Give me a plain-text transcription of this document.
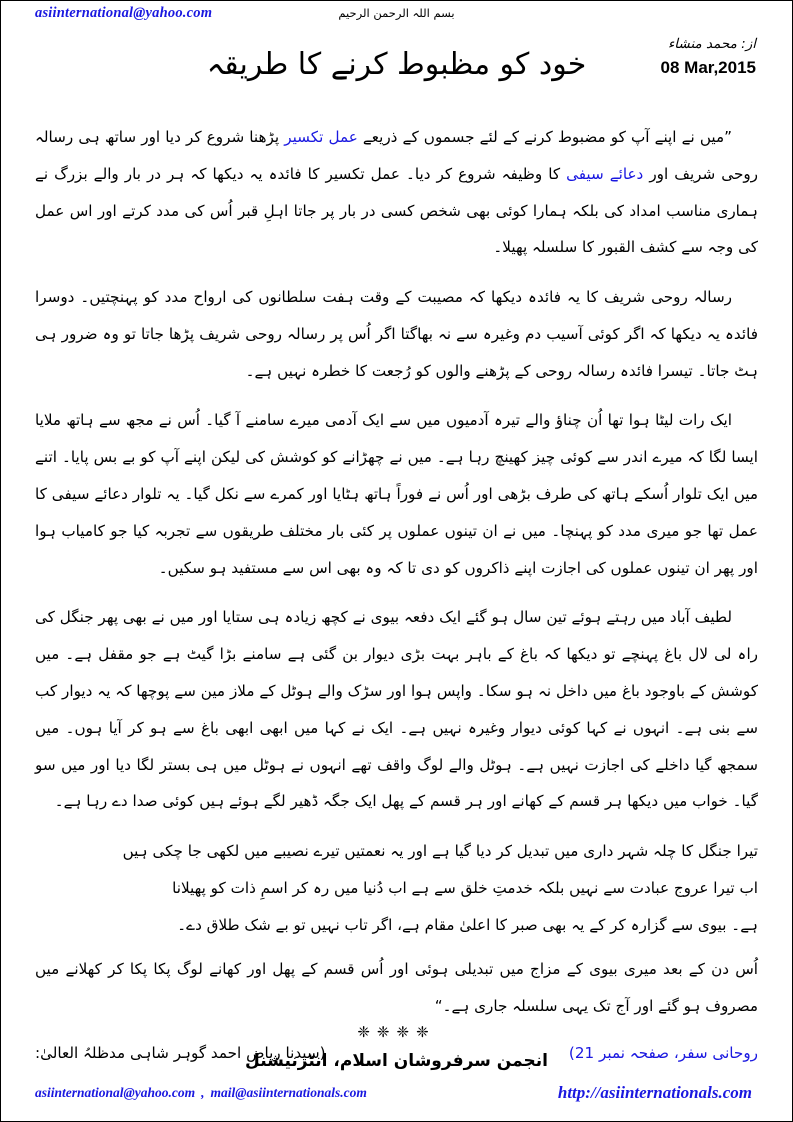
asiinternational@yahoo.com	بسم اللہ الرحمن الرحیم
از: محمد منشاء
08 Mar,2015
خود کو مظبوط کرنے کا طریقہ

”میں نے اپنے آپ کو مضبوط کرنے کے لئے جسموں کے ذریعے عمل تکسیر پڑھنا شروع کر دیا اور ساتھ ہی رسالہ روحی شریف اور دعائے سیفی کا وظیفہ شروع کر دیا۔ عمل تکسیر کا فائدہ یہ دیکھا کہ ہر در بار والے بزرگ نے ہماری مناسب امداد کی بلکہ ہمارا کوئی بھی شخص کسی در بار پر جاتا اہلِ قبر اُس کی مدد کرتے اور اس عمل کی وجہ سے کشف القبور کا سلسلہ پھیلا۔

رسالہ روحی شریف کا یہ فائدہ دیکھا کہ مصیبت کے وقت ہفت سلطانوں کی ارواح مدد کو پہنچتیں۔ دوسرا فائدہ یہ دیکھا کہ اگر کوئی آسیب دم وغیرہ سے نہ بھاگتا اگر اُس پر رسالہ روحی شریف پڑھا جاتا تو وہ ضرور ہی ہٹ جاتا۔ تیسرا فائدہ رسالہ روحی کے پڑھنے والوں کو رُجعت کا خطرہ نہیں ہے۔

ایک رات لیٹا ہوا تھا اُن چناؤ والے تیرہ آدمیوں میں سے ایک آدمی میرے سامنے آ گیا۔ اُس نے مجھ سے ہاتھ ملایا ایسا لگا کہ میرے اندر سے کوئی چیز کھینچ رہا ہے۔ میں نے چھڑانے کو کوشش کی لیکن اپنے آپ کو بے بس پایا۔ اتنے میں ایک تلوار اُسکے ہاتھ کی طرف بڑھی اور اُس نے فوراً ہاتھ ہٹایا اور کمرے سے نکل گیا۔ یہ تلوار دعائے سیفی کا عمل تھا جو میری مدد کو پہنچا۔ میں نے ان تینوں عملوں پر کئی بار مختلف طریقوں سے تجربہ کیا جو کامیاب ہوا اور پھر ان تینوں عملوں کی اجازت اپنے ذاکروں کو دی تا کہ وہ بھی اس سے مستفید ہو سکیں۔

لطیف آباد میں رہتے ہوئے تین سال ہو گئے ایک دفعہ بیوی نے کچھ زیادہ ہی ستایا اور میں نے بھی پھر جنگل کی راہ لی لال باغ پہنچے تو دیکھا کہ باغ کے باہر بہت بڑی دیوار بن گئی ہے سامنے بڑا گیٹ ہے جو مقفل ہے۔ میں کوشش کے باوجود باغ میں داخل نہ ہو سکا۔ واپس ہوا اور سڑک والے ہوٹل کے ملاز مین سے پوچھا کہ یہ دیوار کب سے بنی ہے۔ انہوں نے کہا کوئی دیوار وغیرہ نہیں ہے۔ ایک نے کہا میں ابھی ابھی باغ سے ہو کر آیا ہوں۔ میں سمجھ گیا داخلے کی اجازت نہیں ہے۔ ہوٹل والے لوگ واقف تھے انہوں نے ہوٹل میں ہی بستر لگا دیا اور میں سو گیا۔ خواب میں دیکھا ہر قسم کے کھانے اور ہر قسم کے پھل ایک جگہ ڈھیر لگے ہوئے ہیں کوئی صدا دے رہا ہے۔

تیرا جنگل کا چلہ شہر داری میں تبدیل کر دیا گیا ہے اور یہ نعمتیں تیرے نصیبے میں لکھی جا چکی ہیں

اب تیرا عروج عبادت سے نہیں بلکہ خدمتِ خلق سے ہے اب دُنیا میں رہ کر اسمِ ذات کو پھیلانا

ہے۔ بیوی سے گزارہ کر کے یہ بھی صبر کا اعلیٰ مقام ہے، اگر تاب نہیں تو بے شک طلاق دے۔

اُس دن کے بعد میری بیوی کے مزاج میں تبدیلی ہوئی اور اُس قسم کے پھل اور کھانے لوگ پکا پکا کر کھلانے میں مصروف ہو گئے اور آج تک یہی سلسلہ جاری ہے۔“

روحانی سفر، صفحہ نمبر 21)
(سیدنا ریاض احمد گوہر شاہی مدظلہُ العالیٰ:
❈❈❈❈
انجمن سرفروشان اسلام، انٹرنیشنل
asiinternational@yahoo.com , mail@asiinternationals.com	http://asiinternationals.com
